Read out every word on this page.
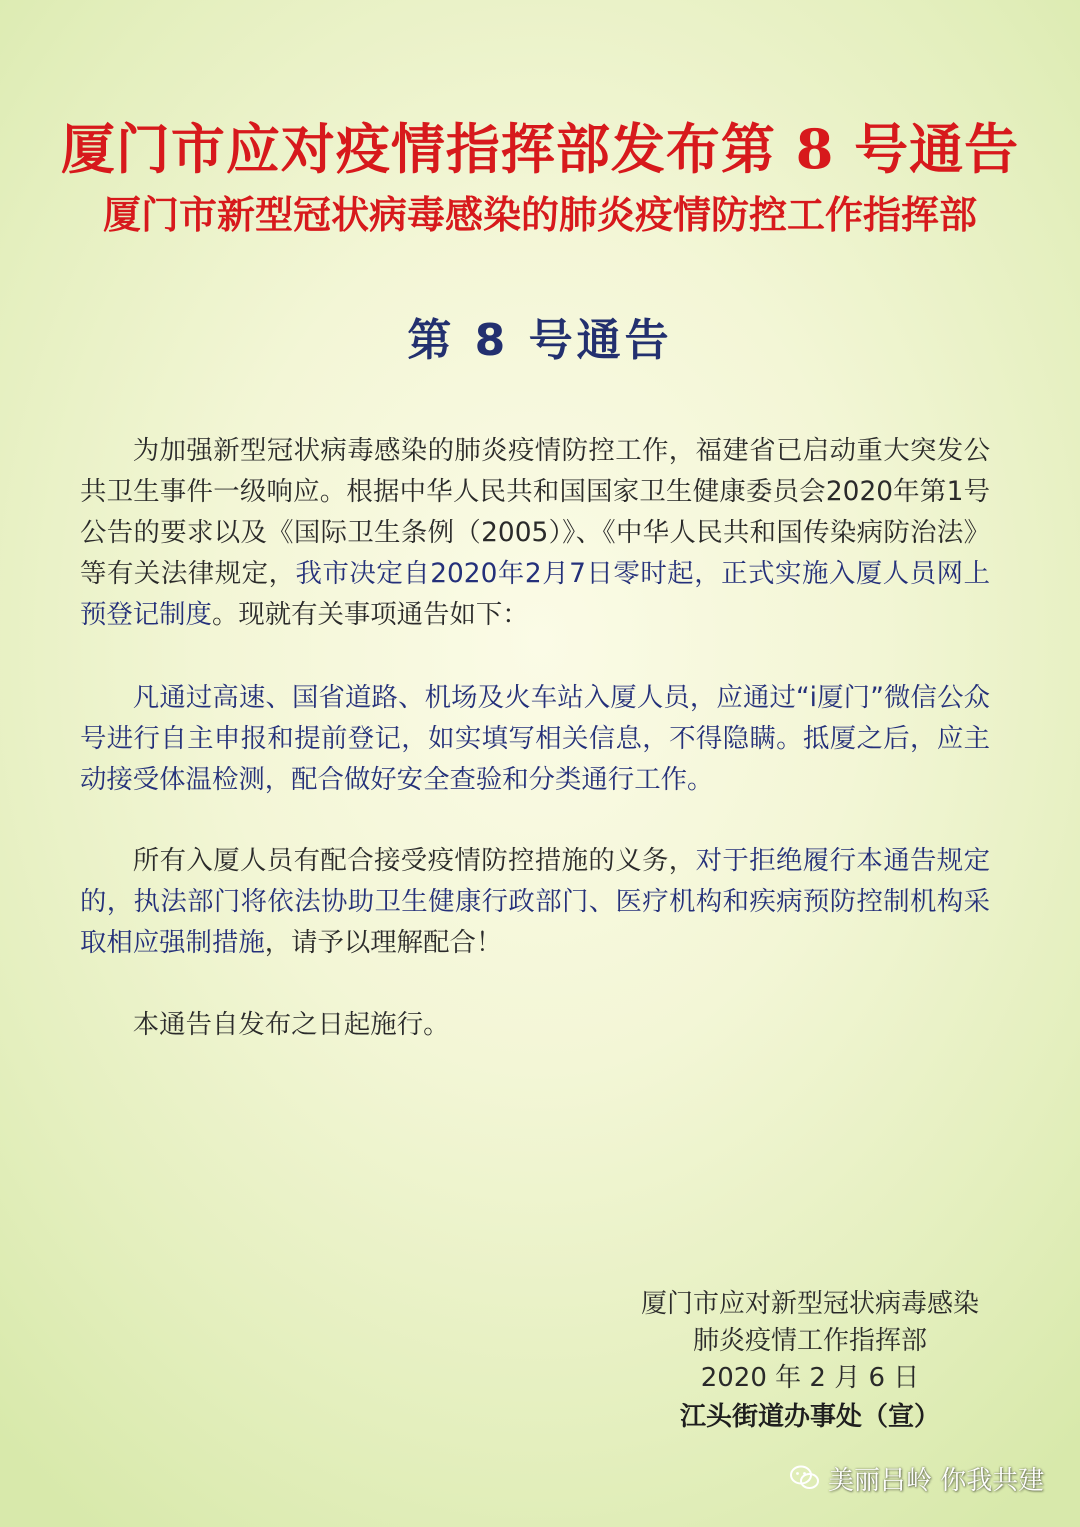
厦门市应对疫情指挥部发布第 8 号通告
厦门市新型冠状病毒感染的肺炎疫情防控工作指挥部
第 8 号通告

为加强新型冠状病毒感染的肺炎疫情防控工作，福建省已启动重大突发公共卫生事件一级响应。根据中华人民共和国国家卫生健康委员会2020年第1号公告的要求以及《国际卫生条例（2005）》、《中华人民共和国传染病防治法》等有关法律规定，我市决定自2020年2月7日零时起，正式实施入厦人员网上预登记制度。现就有关事项通告如下：

凡通过高速、国省道路、机场及火车站入厦人员，应通过“i厦门”微信公众号进行自主申报和提前登记，如实填写相关信息，不得隐瞒。抵厦之后，应主动接受体温检测，配合做好安全查验和分类通行工作。

所有入厦人员有配合接受疫情防控措施的义务，对于拒绝履行本通告规定的，执法部门将依法协助卫生健康行政部门、医疗机构和疾病预防控制机构采取相应强制措施，请予以理解配合！

本通告自发布之日起施行。

厦门市应对新型冠状病毒感染
肺炎疫情工作指挥部
2020 年 2 月 6 日
江头街道办事处（宣）
美丽吕岭 你我共建
